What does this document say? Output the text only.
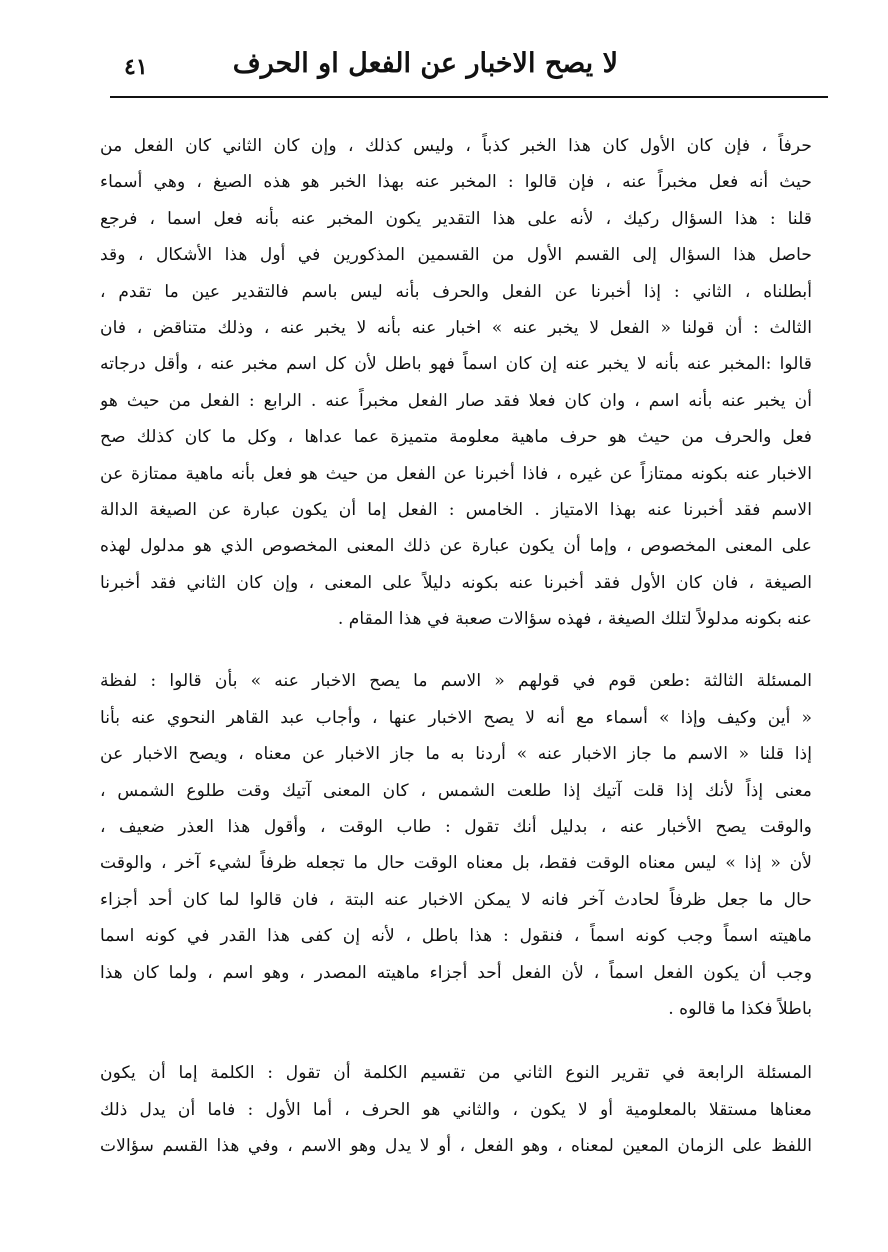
لا يصح الاخبار عن الفعل او الحرف
٤١
حرفاً ، فإن كان الأول كان هذا الخبر كذباً ، وليس كذلك ، وإن كان الثاني كان الفعل من
حيث أنه فعل مخبراً عنه ، فإن قالوا : المخبر عنه بهذا الخبر هو هذه الصيغ ، وهي أسماء
قلنا : هذا السؤال ركيك ، لأنه على هذا التقدير يكون المخبر عنه بأنه فعل اسما ، فرجع
حاصل هذا السؤال إلى القسم الأول من القسمين المذكورين في أول هذا الأشكال ، وقد
أبطلناه ، الثاني : إذا أخبرنا عن الفعل والحرف بأنه ليس باسم فالتقدير عين ما تقدم ،
الثالث : أن قولنا « الفعل لا يخبر عنه » اخبار عنه بأنه لا يخبر عنه ، وذلك متناقض ، فان
قالوا :المخبر عنه بأنه لا يخبر عنه إن كان اسماً فهو باطل لأن كل اسم مخبر عنه ، وأقل درجاته
أن يخبر عنه بأنه اسم ، وان كان فعلا فقد صار الفعل مخبراً عنه . الرابع : الفعل من حيث هو
فعل والحرف من حيث هو حرف ماهية معلومة متميزة عما عداها ، وكل ما كان كذلك صح
الاخبار عنه بكونه ممتازاً عن غيره ، فاذا أخبرنا عن الفعل من حيث هو فعل بأنه ماهية ممتازة عن
الاسم فقد أخبرنا عنه بهذا الامتياز . الخامس : الفعل إما أن يكون عبارة عن الصيغة الدالة
على المعنى المخصوص ، وإما أن يكون عبارة عن ذلك المعنى المخصوص الذي هو مدلول لهذه
الصيغة ، فان كان الأول فقد أخبرنا عنه بكونه دليلاً على المعنى ، وإن كان الثاني فقد أخبرنا
عنه بكونه مدلولاً لتلك الصيغة ، فهذه سؤالات صعبة في هذا المقام .
المسئلة الثالثة :طعن قوم في قولهم « الاسم ما يصح الاخبار عنه » بأن قالوا : لفظة
« أين وكيف وإذا » أسماء مع أنه لا يصح الاخبار عنها ، وأجاب عبد القاهر النحوي عنه بأنا
إذا قلنا « الاسم ما جاز الاخبار عنه » أردنا به ما جاز الاخبار عن معناه ، ويصح الاخبار عن
معنى إذاً لأنك إذا قلت آتيك إذا طلعت الشمس ، كان المعنى آتيك وقت طلوع الشمس ،
والوقت يصح الأخبار عنه ، بدليل أنك تقول : طاب الوقت ، وأقول هذا العذر ضعيف ،
لأن « إذا » ليس معناه الوقت فقط، بل معناه الوقت حال ما تجعله ظرفاً لشيء آخر ، والوقت
حال ما جعل ظرفاً لحادث آخر فانه لا يمكن الاخبار عنه البتة ، فان قالوا لما كان أحد أجزاء
ماهيته اسماً وجب كونه اسماً ، فنقول : هذا باطل ، لأنه إن كفى هذا القدر في كونه اسما
وجب أن يكون الفعل اسماً ، لأن الفعل أحد أجزاء ماهيته المصدر ، وهو اسم ، ولما كان هذا
باطلاً فكذا ما قالوه .
المسئلة الرابعة في تقرير النوع الثاني من تقسيم الكلمة أن تقول : الكلمة إما أن يكون
معناها مستقلا بالمعلومية أو لا يكون ، والثاني هو الحرف ، أما الأول : فاما أن يدل ذلك
اللفظ على الزمان المعين لمعناه ، وهو الفعل ، أو لا يدل وهو الاسم ، وفي هذا القسم سؤالات
